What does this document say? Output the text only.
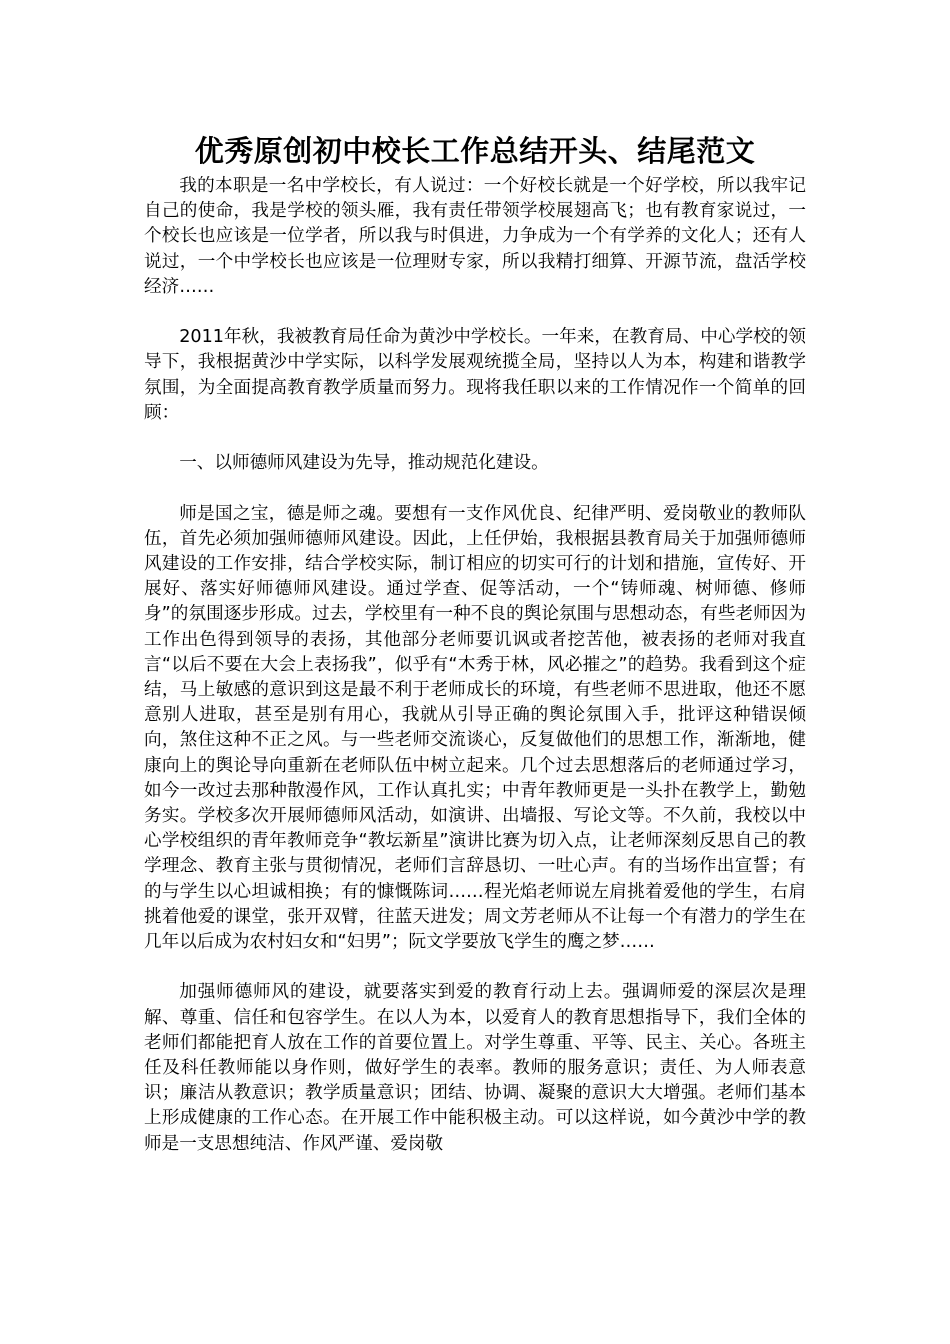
优秀原创初中校长工作总结开头、结尾范文

我的本职是一名中学校长，有人说过：一个好校长就是一个好学校，所以我牢记自己的使命，我是学校的领头雁，我有责任带领学校展翅高飞；也有教育家说过，一个校长也应该是一位学者，所以我与时俱进，力争成为一个有学养的文化人；还有人说过，一个中学校长也应该是一位理财专家，所以我精打细算、开源节流，盘活学校经济……

2011年秋，我被教育局任命为黄沙中学校长。一年来，在教育局、中心学校的领导下，我根据黄沙中学实际，以科学发展观统揽全局，坚持以人为本，构建和谐教学氛围，为全面提高教育教学质量而努力。现将我任职以来的工作情况作一个简单的回顾：

一、以师德师风建设为先导，推动规范化建设。

师是国之宝，德是师之魂。要想有一支作风优良、纪律严明、爱岗敬业的教师队伍，首先必须加强师德师风建设。因此，上任伊始，我根据县教育局关于加强师德师风建设的工作安排，结合学校实际，制订相应的切实可行的计划和措施，宣传好、开展好、落实好师德师风建设。通过学查、促等活动，一个“铸师魂、树师德、修师身”的氛围逐步形成。过去，学校里有一种不良的舆论氛围与思想动态，有些老师因为工作出色得到领导的表扬，其他部分老师要讥讽或者挖苦他，被表扬的老师对我直言“以后不要在大会上表扬我”，似乎有“木秀于林，风必摧之”的趋势。我看到这个症结，马上敏感的意识到这是最不利于老师成长的环境，有些老师不思进取，他还不愿意别人进取，甚至是别有用心，我就从引导正确的舆论氛围入手，批评这种错误倾向，煞住这种不正之风。与一些老师交流谈心，反复做他们的思想工作，渐渐地，健康向上的舆论导向重新在老师队伍中树立起来。几个过去思想落后的老师通过学习，如今一改过去那种散漫作风，工作认真扎实；中青年教师更是一头扑在教学上，勤勉务实。学校多次开展师德师风活动，如演讲、出墙报、写论文等。不久前，我校以中心学校组织的青年教师竞争“教坛新星”演讲比赛为切入点，让老师深刻反思自己的教学理念、教育主张与贯彻情况，老师们言辞恳切、一吐心声。有的当场作出宣誓；有的与学生以心坦诚相换；有的慷慨陈词……程光焰老师说左肩挑着爱他的学生，右肩挑着他爱的课堂，张开双臂，往蓝天进发；周文芳老师从不让每一个有潜力的学生在几年以后成为农村妇女和“妇男”；阮文学要放飞学生的鹰之梦……

加强师德师风的建设，就要落实到爱的教育行动上去。强调师爱的深层次是理解、尊重、信任和包容学生。在以人为本，以爱育人的教育思想指导下，我们全体的老师们都能把育人放在工作的首要位置上。对学生尊重、平等、民主、关心。各班主任及科任教师能以身作则，做好学生的表率。教师的服务意识；责任、为人师表意识；廉洁从教意识；教学质量意识；团结、协调、凝聚的意识大大增强。老师们基本上形成健康的工作心态。在开展工作中能积极主动。可以这样说，如今黄沙中学的教师是一支思想纯洁、作风严谨、爱岗敬
